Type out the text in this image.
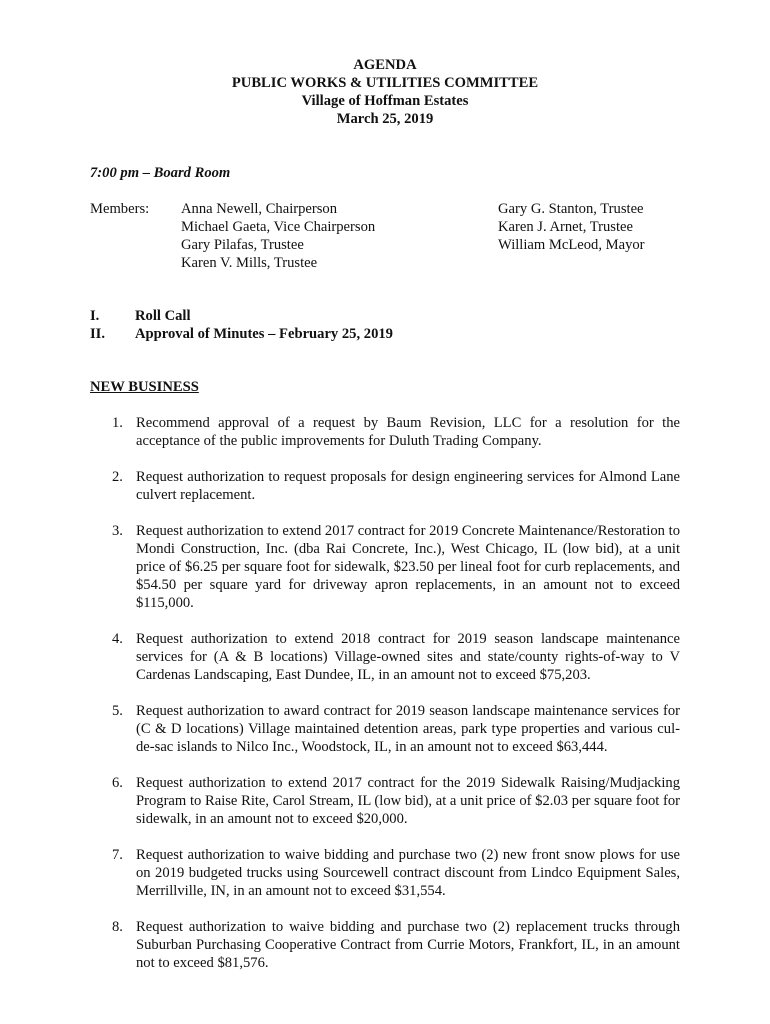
AGENDA
PUBLIC WORKS & UTILITIES COMMITTEE
Village of Hoffman Estates
March 25, 2019
7:00 pm – Board Room
Members: Anna Newell, Chairperson
Michael Gaeta, Vice Chairperson
Gary Pilafas, Trustee
Karen V. Mills, Trustee
Gary G. Stanton, Trustee
Karen J. Arnet, Trustee
William McLeod, Mayor
I. Roll Call
II. Approval of Minutes – February 25, 2019
NEW BUSINESS
1. Recommend approval of a request by Baum Revision, LLC for a resolution for the acceptance of the public improvements for Duluth Trading Company.
2. Request authorization to request proposals for design engineering services for Almond Lane culvert replacement.
3. Request authorization to extend 2017 contract for 2019 Concrete Maintenance/Restoration to Mondi Construction, Inc. (dba Rai Concrete, Inc.), West Chicago, IL (low bid), at a unit price of $6.25 per square foot for sidewalk, $23.50 per lineal foot for curb replacements, and $54.50 per square yard for driveway apron replacements, in an amount not to exceed $115,000.
4. Request authorization to extend 2018 contract for 2019 season landscape maintenance services for (A & B locations) Village-owned sites and state/county rights-of-way to V Cardenas Landscaping, East Dundee, IL, in an amount not to exceed $75,203.
5. Request authorization to award contract for 2019 season landscape maintenance services for (C & D locations) Village maintained detention areas, park type properties and various cul-de-sac islands to Nilco Inc., Woodstock, IL, in an amount not to exceed $63,444.
6. Request authorization to extend 2017 contract for the 2019 Sidewalk Raising/Mudjacking Program to Raise Rite, Carol Stream, IL (low bid), at a unit price of $2.03 per square foot for sidewalk, in an amount not to exceed $20,000.
7. Request authorization to waive bidding and purchase two (2) new front snow plows for use on 2019 budgeted trucks using Sourcewell contract discount from Lindco Equipment Sales, Merrillville, IN, in an amount not to exceed $31,554.
8. Request authorization to waive bidding and purchase two (2) replacement trucks through Suburban Purchasing Cooperative Contract from Currie Motors, Frankfort, IL, in an amount not to exceed $81,576.
